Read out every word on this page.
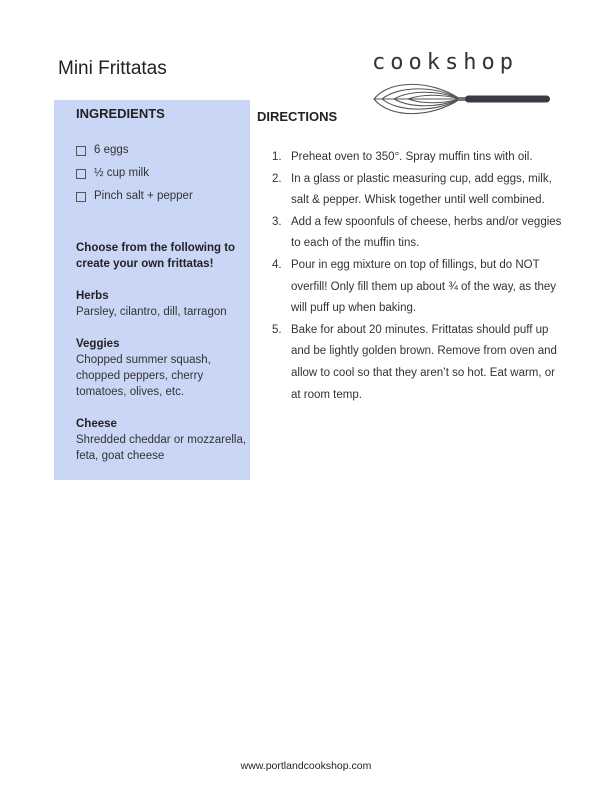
Mini Frittatas	cookshop
INGREDIENTS
6 eggs
½ cup milk
Pinch salt + pepper
Choose from the following to create your own frittatas!
Herbs
Parsley, cilantro, dill, tarragon
Veggies
Chopped summer squash, chopped peppers, cherry tomatoes, olives, etc.
Cheese
Shredded cheddar or mozzarella, feta, goat cheese
DIRECTIONS
1. Preheat oven to 350°. Spray muffin tins with oil.
2. In a glass or plastic measuring cup, add eggs, milk, salt & pepper. Whisk together until well combined.
3. Add a few spoonfuls of cheese, herbs and/or veggies to each of the muffin tins.
4. Pour in egg mixture on top of fillings, but do NOT overfill! Only fill them up about ¾ of the way, as they will puff up when baking.
5. Bake for about 20 minutes. Frittatas should puff up and be lightly golden brown. Remove from oven and allow to cool so that they aren’t so hot. Eat warm, or at room temp.
www.portlandcookshop.com
